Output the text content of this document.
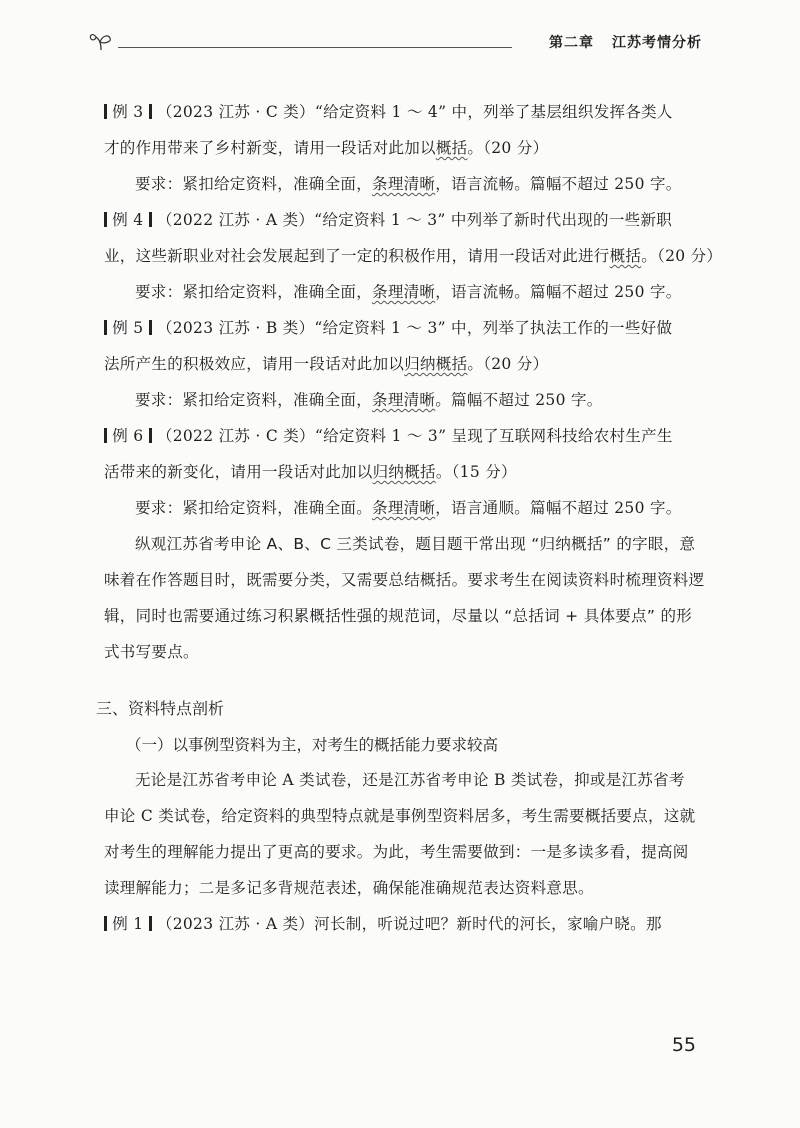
第二章 江苏考情分析
例 3 （2023 江苏 · C 类）“给定资料 1 ～ 4” 中，列举了基层组织发挥各类人
才的作用带来了乡村新变，请用一段话对此加以概括。（20 分）
要求：紧扣给定资料，准确全面，条理清晰，语言流畅。篇幅不超过 250 字。
例 4 （2022 江苏 · A 类）“给定资料 1 ～ 3” 中列举了新时代出现的一些新职
业，这些新职业对社会发展起到了一定的积极作用，请用一段话对此进行概括。（20 分）
要求：紧扣给定资料，准确全面，条理清晰，语言流畅。篇幅不超过 250 字。
例 5 （2023 江苏 · B 类）“给定资料 1 ～ 3” 中，列举了执法工作的一些好做
法所产生的积极效应，请用一段话对此加以归纳概括。（20 分）
要求：紧扣给定资料，准确全面，条理清晰。篇幅不超过 250 字。
例 6 （2022 江苏 · C 类）“给定资料 1 ～ 3” 呈现了互联网科技给农村生产生
活带来的新变化，请用一段话对此加以归纳概括。（15 分）
要求：紧扣给定资料，准确全面。条理清晰，语言通顺。篇幅不超过 250 字。
纵观江苏省考申论 A、B、C 三类试卷，题目题干常出现 “归纳概括” 的字眼，意
味着在作答题目时，既需要分类，又需要总结概括。要求考生在阅读资料时梳理资料逻
辑，同时也需要通过练习积累概括性强的规范词，尽量以 “总括词 + 具体要点” 的形
式书写要点。
三、资料特点剖析
（一）以事例型资料为主，对考生的概括能力要求较高
无论是江苏省考申论 A 类试卷，还是江苏省考申论 B 类试卷，抑或是江苏省考
申论 C 类试卷，给定资料的典型特点就是事例型资料居多，考生需要概括要点，这就
对考生的理解能力提出了更高的要求。为此，考生需要做到：一是多读多看，提高阅
读理解能力；二是多记多背规范表述，确保能准确规范表达资料意思。
例 1 （2023 江苏 · A 类）河长制，听说过吧？新时代的河长，家喻户晓。那
55
